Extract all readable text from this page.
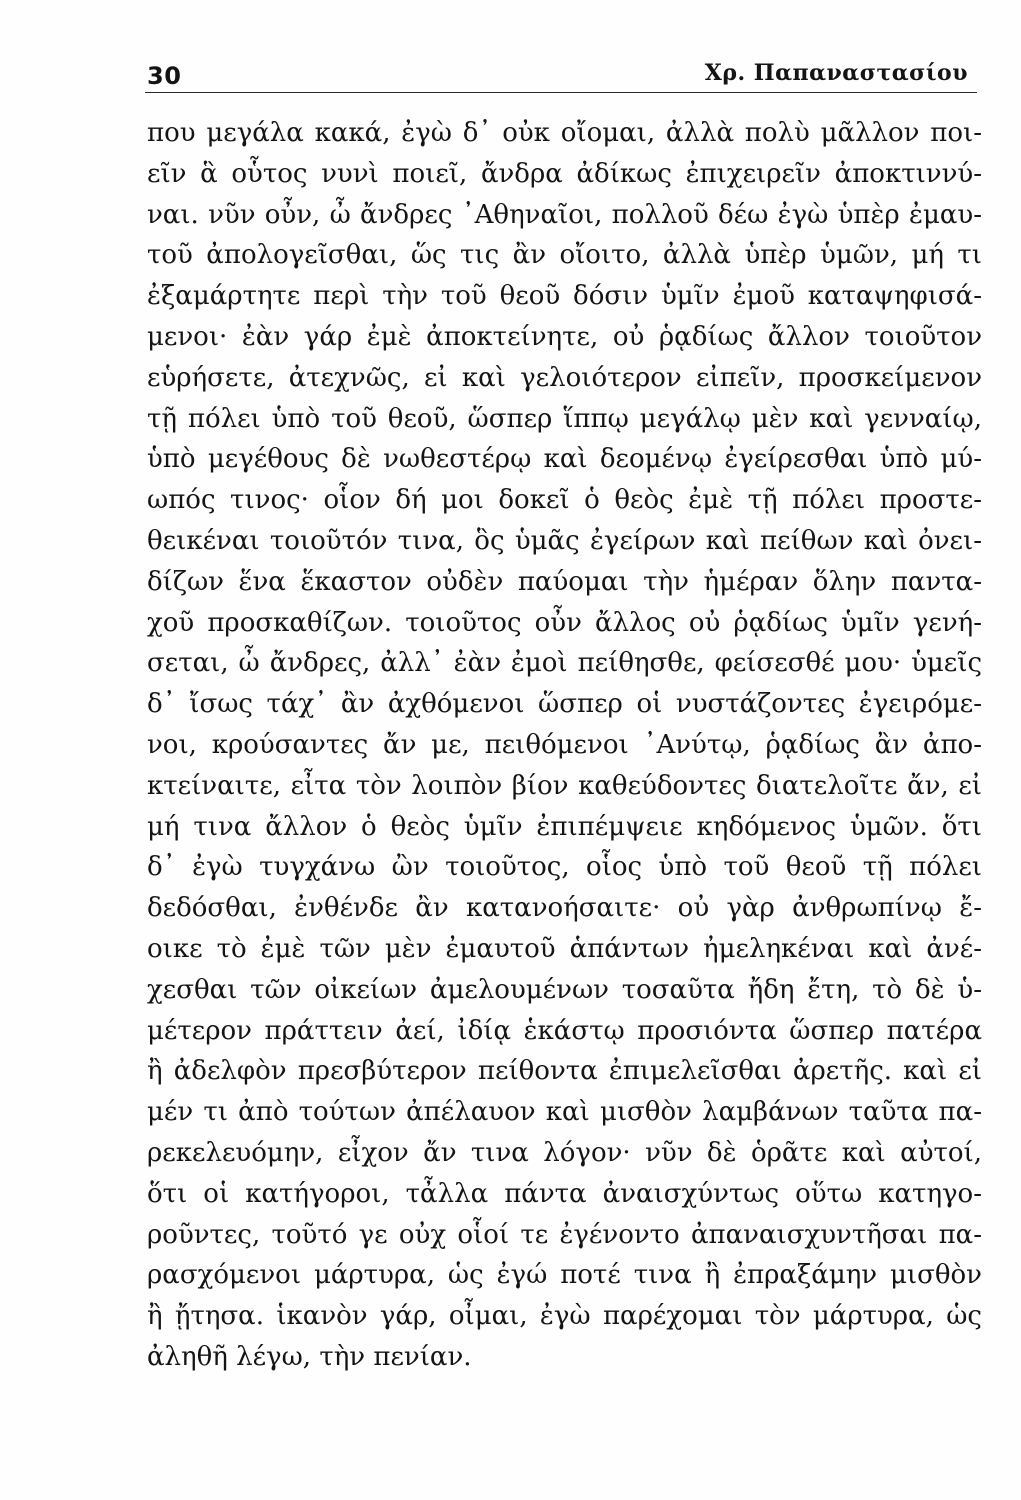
30	Χρ. Παπαναστασίου
που μεγάλα κακά, ἐγὼ δ᾽ οὐκ οἴομαι, ἀλλὰ πολὺ μᾶλλον ποι-
εῖν ἃ οὗτος νυνὶ ποιεῖ, ἄνδρα ἀδίκως ἐπιχειρεῖν ἀποκτιννύ-
ναι. νῦν οὖν, ὦ ἄνδρες ᾽Αθηναῖοι, πολλοῦ δέω ἐγὼ ὑπὲρ ἐμαυ-
τοῦ ἀπολογεῖσθαι, ὥς τις ἂν οἴοιτο, ἀλλὰ ὑπὲρ ὑμῶν, μή τι
ἐξαμάρτητε περὶ τὴν τοῦ θεοῦ δόσιν ὑμῖν ἐμοῦ καταψηφισά-
μενοι· ἐὰν γάρ ἐμὲ ἀποκτείνητε, οὐ ῥᾳδίως ἄλλον τοιοῦτον
εὑρήσετε, ἀτεχνῶς, εἰ καὶ γελοιότερον εἰπεῖν, προσκείμενον
τῇ πόλει ὑπὸ τοῦ θεοῦ, ὥσπερ ἵππῳ μεγάλῳ μὲν καὶ γενναίῳ,
ὑπὸ μεγέθους δὲ νωθεστέρῳ καὶ δεομένῳ ἐγείρεσθαι ὑπὸ μύ-
ωπός τινος· οἷον δή μοι δοκεῖ ὁ θεὸς ἐμὲ τῇ πόλει προστε-
θεικέναι τοιοῦτόν τινα, ὃς ὑμᾶς ἐγείρων καὶ πείθων καὶ ὀνει-
δίζων ἕνα ἕκαστον οὐδὲν παύομαι τὴν ἡμέραν ὅλην παντα-
χοῦ προσκαθίζων. τοιοῦτος οὖν ἄλλος οὐ ῥᾳδίως ὑμῖν γενή-
σεται, ὦ ἄνδρες, ἀλλ᾽ ἐὰν ἐμοὶ πείθησθε, φείσεσθέ μου· ὑμεῖς
δ᾽ ἴσως τάχ᾽ ἂν ἀχθόμενοι ὥσπερ οἱ νυστάζοντες ἐγειρόμε-
νοι, κρούσαντες ἄν με, πειθόμενοι ᾽Ανύτῳ, ῥᾳδίως ἂν ἀπο-
κτείναιτε, εἶτα τὸν λοιπὸν βίον καθεύδοντες διατελοῖτε ἄν, εἰ
μή τινα ἄλλον ὁ θεὸς ὑμῖν ἐπιπέμψειε κηδόμενος ὑμῶν. ὅτι
δ᾽ ἐγὼ τυγχάνω ὢν τοιοῦτος, οἷος ὑπὸ τοῦ θεοῦ τῇ πόλει
δεδόσθαι, ἐνθένδε ἂν κατανοήσαιτε· οὐ γὰρ ἀνθρωπίνῳ ἔ-
οικε τὸ ἐμὲ τῶν μὲν ἐμαυτοῦ ἁπάντων ἠμεληκέναι καὶ ἀνέ-
χεσθαι τῶν οἰκείων ἀμελουμένων τοσαῦτα ἤδη ἔτη, τὸ δὲ ὑ-
μέτερον πράττειν ἀεί, ἰδίᾳ ἑκάστῳ προσιόντα ὥσπερ πατέρα
ἢ ἀδελφὸν πρεσβύτερον πείθοντα ἐπιμελεῖσθαι ἀρετῆς. καὶ εἰ
μέν τι ἀπὸ τούτων ἀπέλαυον καὶ μισθὸν λαμβάνων ταῦτα πα-
ρεκελευόμην, εἶχον ἄν τινα λόγον· νῦν δὲ ὁρᾶτε καὶ αὐτοί,
ὅτι οἱ κατήγοροι, τἆλλα πάντα ἀναισχύντως οὕτω κατηγο-
ροῦντες, τοῦτό γε οὐχ οἷοί τε ἐγένοντο ἀπαναισχυντῆσαι πα-
ρασχόμενοι μάρτυρα, ὡς ἐγώ ποτέ τινα ἢ ἐπραξάμην μισθὸν
ἢ ᾔτησα. ἱκανὸν γάρ, οἶμαι, ἐγὼ παρέχομαι τὸν μάρτυρα, ὡς
ἀληθῆ λέγω, τὴν πενίαν.
